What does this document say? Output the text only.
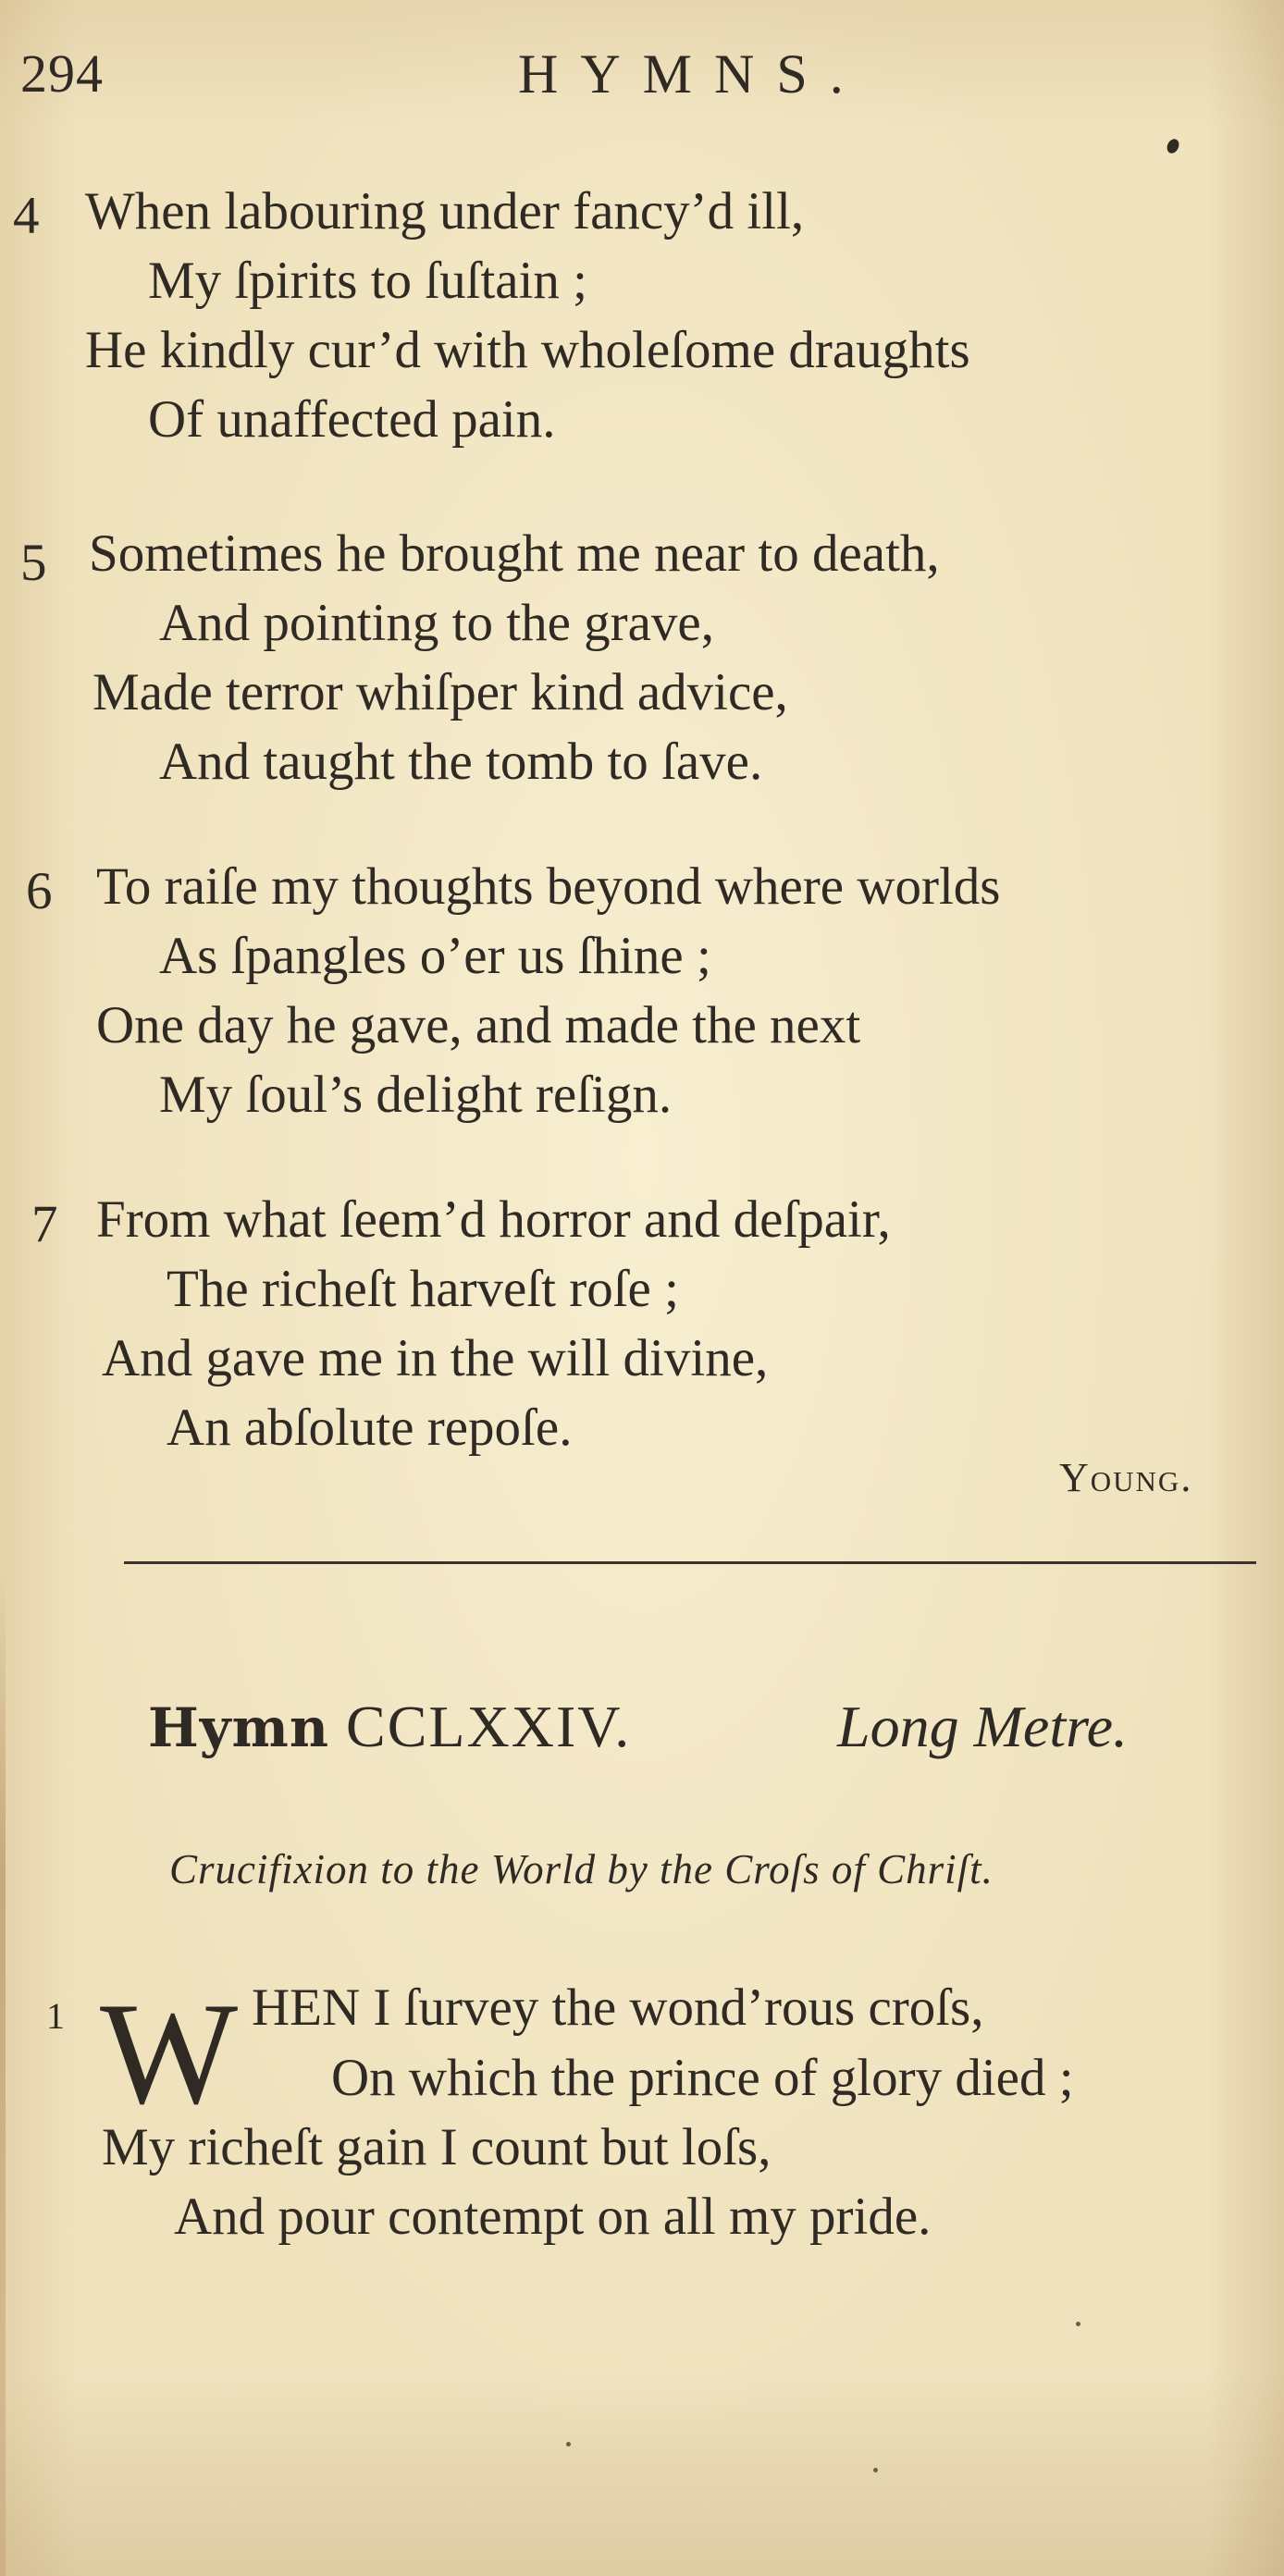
294	HYMNS.
4 When labouring under fancy’d ill,
My ſpirits to ſuſtain ;
He kindly cur’d with wholeſome draughts
Of unaffected pain.
5 Sometimes he brought me near to death,
And pointing to the grave,
Made terror whiſper kind advice,
And taught the tomb to ſave.
6 To raiſe my thoughts beyond where worlds
As ſpangles o’er us ſhine ;
One day he gave, and made the next
My ſoul’s delight reſign.
7 From what ſeem’d horror and deſpair,
The richeſt harveſt roſe ;
And gave me in the will divine,
An abſolute repoſe.
Young.
Hymn CCLXXIV.	Long Metre.
Crucifixion to the World by the Croſs of Chriſt.
1 W HEN I ſurvey the wond’rous croſs,
On which the prince of glory died ;
My richeſt gain I count but loſs,
And pour contempt on all my pride.
